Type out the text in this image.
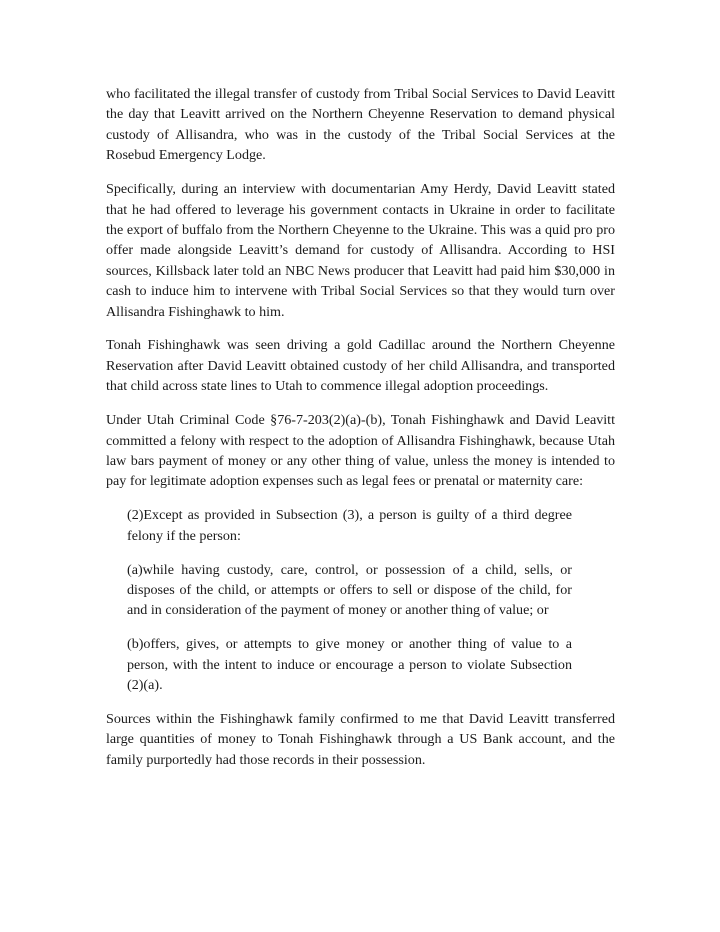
who facilitated the illegal transfer of custody from Tribal Social Services to David Leavitt the day that Leavitt arrived on the Northern Cheyenne Reservation to demand physical custody of Allisandra, who was in the custody of the Tribal Social Services at the Rosebud Emergency Lodge.

Specifically, during an interview with documentarian Amy Herdy, David Leavitt stated that he had offered to leverage his government contacts in Ukraine in order to facilitate the export of buffalo from the Northern Cheyenne to the Ukraine. This was a quid pro pro offer made alongside Leavitt’s demand for custody of Allisandra. According to HSI sources, Killsback later told an NBC News producer that Leavitt had paid him $30,000 in cash to induce him to intervene with Tribal Social Services so that they would turn over Allisandra Fishinghawk to him.

Tonah Fishinghawk was seen driving a gold Cadillac around the Northern Cheyenne Reservation after David Leavitt obtained custody of her child Allisandra, and transported that child across state lines to Utah to commence illegal adoption proceedings.

Under Utah Criminal Code §76-7-203(2)(a)-(b), Tonah Fishinghawk and David Leavitt committed a felony with respect to the adoption of Allisandra Fishinghawk, because Utah law bars payment of money or any other thing of value, unless the money is intended to pay for legitimate adoption expenses such as legal fees or prenatal or maternity care:

(2)Except as provided in Subsection (3), a person is guilty of a third degree felony if the person:

(a)while having custody, care, control, or possession of a child, sells, or disposes of the child, or attempts or offers to sell or dispose of the child, for and in consideration of the payment of money or another thing of value; or

(b)offers, gives, or attempts to give money or another thing of value to a person, with the intent to induce or encourage a person to violate Subsection (2)(a).

Sources within the Fishinghawk family confirmed to me that David Leavitt transferred large quantities of money to Tonah Fishinghawk through a US Bank account, and the family purportedly had those records in their possession.
